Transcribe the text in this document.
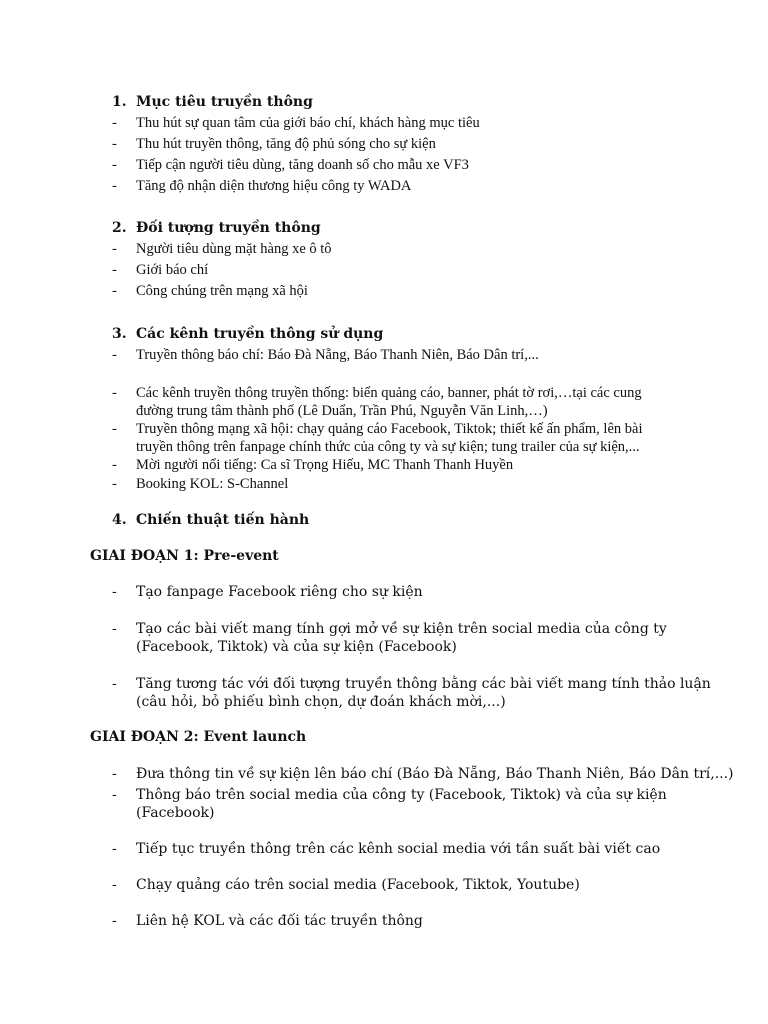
1. Mục tiêu truyền thông
- Thu hút sự quan tâm của giới báo chí, khách hàng mục tiêu
- Thu hút truyền thông, tăng độ phủ sóng cho sự kiện
- Tiếp cận người tiêu dùng, tăng doanh số cho mẫu xe VF3
- Tăng độ nhận diện thương hiệu công ty WADA
2. Đối tượng truyền thông
- Người tiêu dùng mặt hàng xe ô tô
- Giới báo chí
- Công chúng trên mạng xã hội
3. Các kênh truyền thông sử dụng
- Truyền thông báo chí: Báo Đà Nẵng, Báo Thanh Niên, Báo Dân trí,...
- Các kênh truyền thông truyền thống: biển quảng cáo, banner, phát tờ rơi,…tại các cung
đường trung tâm thành phố (Lê Duẩn, Trần Phú, Nguyễn Văn Linh,…)
- Truyền thông mạng xã hội: chạy quảng cáo Facebook, Tiktok; thiết kế ấn phẩm, lên bài
truyền thông trên fanpage chính thức của công ty và sự kiện; tung trailer của sự kiện,...
- Mời người nổi tiếng: Ca sĩ Trọng Hiếu, MC Thanh Thanh Huyền
- Booking KOL: S-Channel
4. Chiến thuật tiến hành
GIAI ĐOẠN 1: Pre-event
- Tạo fanpage Facebook riêng cho sự kiện
- Tạo các bài viết mang tính gợi mở về sự kiện trên social media của công ty
(Facebook, Tiktok) và của sự kiện (Facebook)
- Tăng tương tác với đối tượng truyền thông bằng các bài viết mang tính thảo luận
(câu hỏi, bỏ phiếu bình chọn, dự đoán khách mời,...)
GIAI ĐOẠN 2: Event launch
- Đưa thông tin về sự kiện lên báo chí (Báo Đà Nẵng, Báo Thanh Niên, Báo Dân trí,...)
- Thông báo trên social media của công ty (Facebook, Tiktok) và của sự kiện
(Facebook)
- Tiếp tục truyền thông trên các kênh social media với tần suất bài viết cao
- Chạy quảng cáo trên social media (Facebook, Tiktok, Youtube)
- Liên hệ KOL và các đối tác truyền thông
